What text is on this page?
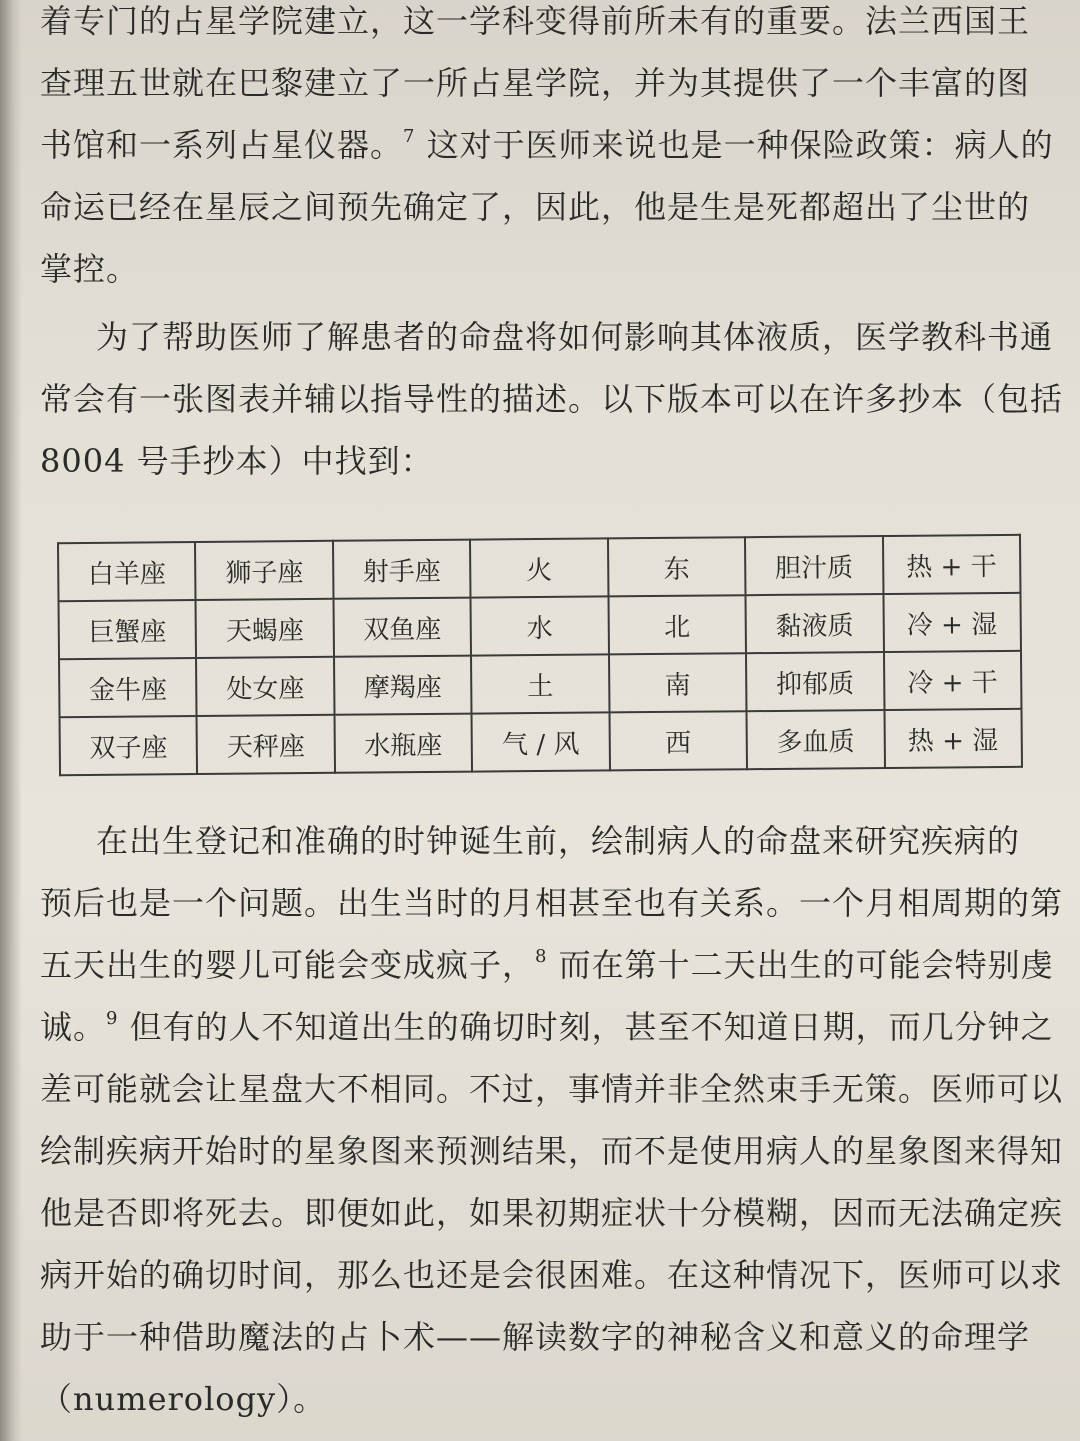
着专门的占星学院建立，这一学科变得前所未有的重要。法兰西国王
查理五世就在巴黎建立了一所占星学院，并为其提供了一个丰富的图
书馆和一系列占星仪器。$^7$ 这对于医师来说也是一种保险政策：病人的
命运已经在星辰之间预先确定了，因此，他是生是死都超出了尘世的
掌控。
为了帮助医师了解患者的命盘将如何影响其体液质，医学教科书通
常会有一张图表并辅以指导性的描述。以下版本可以在许多抄本（包括
8004 号手抄本）中找到：
白羊座	狮子座	射手座	火	东	胆汁质	热 + 干
巨蟹座	天蝎座	双鱼座	水	北	黏液质	冷 + 湿
金牛座	处女座	摩羯座	土	南	抑郁质	冷 + 干
双子座	天秤座	水瓶座	气 / 风	西	多血质	热 + 湿
在出生登记和准确的时钟诞生前，绘制病人的命盘来研究疾病的
预后也是一个问题。出生当时的月相甚至也有关系。一个月相周期的第
五天出生的婴儿可能会变成疯子，$^8$ 而在第十二天出生的可能会特别虔
诚。$^9$ 但有的人不知道出生的确切时刻，甚至不知道日期，而几分钟之
差可能就会让星盘大不相同。不过，事情并非全然束手无策。医师可以
绘制疾病开始时的星象图来预测结果，而不是使用病人的星象图来得知
他是否即将死去。即便如此，如果初期症状十分模糊，因而无法确定疾
病开始的确切时间，那么也还是会很困难。在这种情况下，医师可以求
助于一种借助魔法的占卜术——解读数字的神秘含义和意义的命理学
（numerology）。
